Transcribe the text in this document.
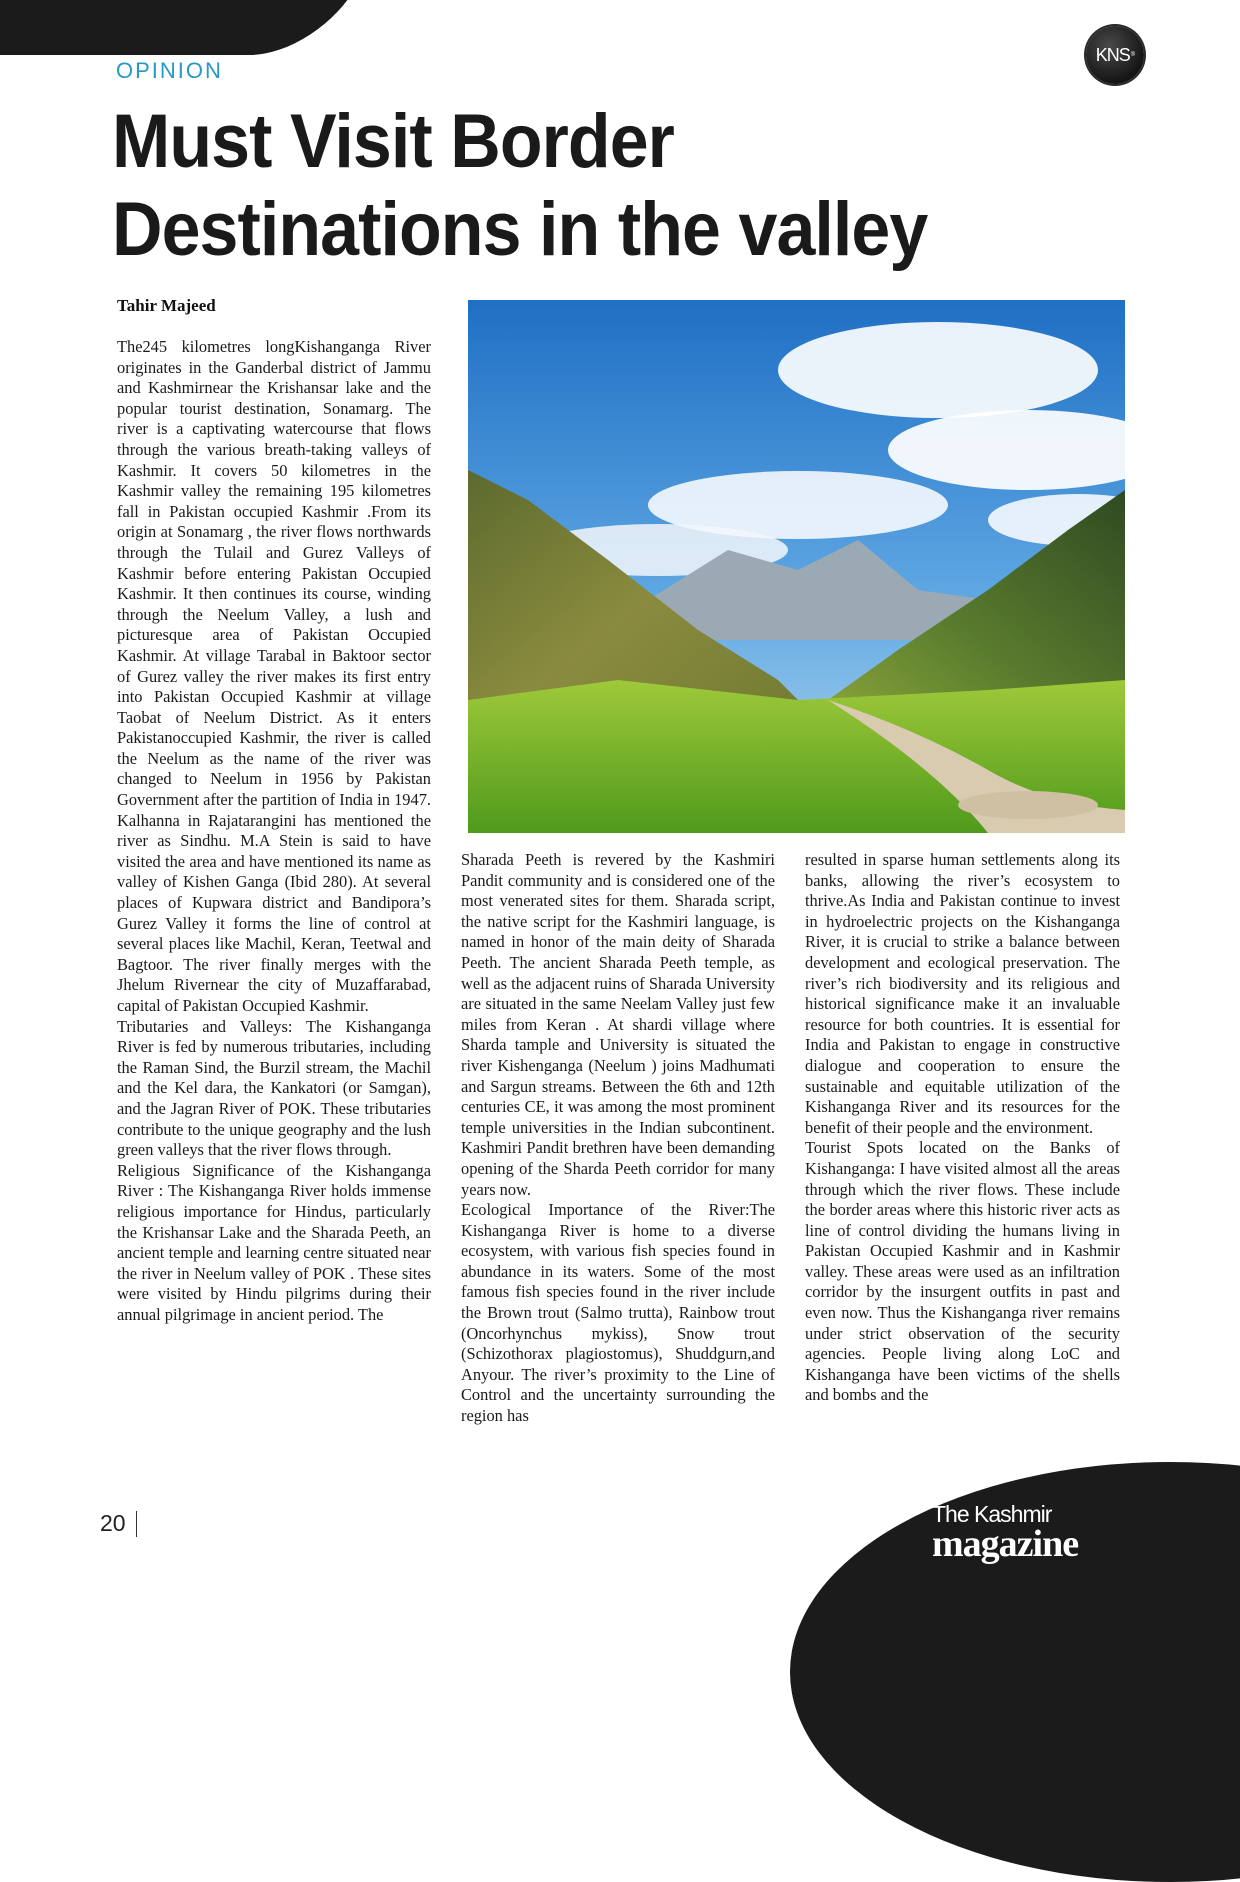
KNS ®
OPINION
Must Visit Border
Destinations in the valley
Tahir Majeed

The245 kilometres longKishanganga River originates in the Ganderbal district of Jammu and Kashmirnear the Krishansar lake and the popular tourist destination, Sonamarg. The river is a captivating watercourse that flows through the various breath-taking valleys of Kashmir. It covers 50 kilometres in the Kashmir valley the remaining 195 kilometres fall in Pakistan occupied Kashmir .From its origin at Sonamarg , the river flows northwards through the Tulail and Gurez Valleys of Kashmir before entering Pakistan Occupied Kashmir. It then continues its course, winding through the Neelum Valley, a lush and picturesque area of Pakistan Occupied Kashmir. At village Tarabal in Baktoor sector of Gurez valley the river makes its first entry into Pakistan Occupied Kashmir at village Taobat of Neelum District. As it enters Pakistanoccupied Kashmir, the river is called the Neelum as the name of the river was changed to Neelum in 1956 by Pakistan Government after the partition of India in 1947. Kalhanna in Rajatarangini has mentioned the river as Sindhu. M.A Stein is said to have visited the area and have mentioned its name as valley of Kishen Ganga (Ibid 280). At several places of Kupwara district and Bandipora’s Gurez Valley it forms the line of control at several places like Machil, Keran, Teetwal and Bagtoor. The river finally merges with the Jhelum Rivernear the city of Muzaffarabad, capital of Pakistan Occupied Kashmir.

Tributaries and Valleys: The Kishanganga River is fed by numerous tributaries, including the Raman Sind, the Burzil stream, the Machil and the Kel dara, the Kankatori (or Samgan), and the Jagran River of POK. These tributaries contribute to the unique geography and the lush green valleys that the river flows through.

Religious Significance of the Kishanganga River : The Kishanganga River holds immense religious importance for Hindus, particularly the Krishansar Lake and the Sharada Peeth, an ancient temple and learning centre situated near the river in Neelum valley of POK . These sites were visited by Hindu pilgrims during their annual pilgrimage in ancient period. The

Sharada Peeth is revered by the Kashmiri Pandit community and is considered one of the most venerated sites for them. Sharada script, the native script for the Kashmiri language, is named in honor of the main deity of Sharada Peeth. The ancient Sharada Peeth temple, as well as the adjacent ruins of Sharada University are situated in the same Neelam Valley just few miles from Keran . At shardi village where Sharda tample and University is situated the river Kishenganga (Neelum ) joins Madhumati and Sargun streams. Between the 6th and 12th centuries CE, it was among the most prominent temple universities in the Indian subcontinent. Kashmiri Pandit brethren have been demanding opening of the Sharda Peeth corridor for many years now.

Ecological Importance of the River:The Kishanganga River is home to a diverse ecosystem, with various fish species found in abundance in its waters. Some of the most famous fish species found in the river include the Brown trout (Salmo trutta), Rainbow trout (Oncorhynchus mykiss), Snow trout (Schizothorax plagiostomus), Shuddgurn,and Anyour. The river’s proximity to the Line of Control and the uncertainty surrounding the region has

resulted in sparse human settlements along its banks, allowing the river’s ecosystem to thrive.As India and Pakistan continue to invest in hydroelectric projects on the Kishanganga River, it is crucial to strike a balance between development and ecological preservation. The river’s rich biodiversity and its religious and historical significance make it an invaluable resource for both countries. It is essential for India and Pakistan to engage in constructive dialogue and cooperation to ensure the sustainable and equitable utilization of the Kishanganga River and its resources for the benefit of their people and the environment.

Tourist Spots located on the Banks of Kishanganga: I have visited almost all the areas through which the river flows. These include the border areas where this historic river acts as line of control dividing the humans living in Pakistan Occupied Kashmir and in Kashmir valley. These areas were used as an infiltration corridor by the insurgent outfits in past and even now. Thus the Kishanganga river remains under strict observation of the security agencies. People living along LoC and Kishanganga have been victims of the shells and bombs and the

20	The Kashmir
magazine
